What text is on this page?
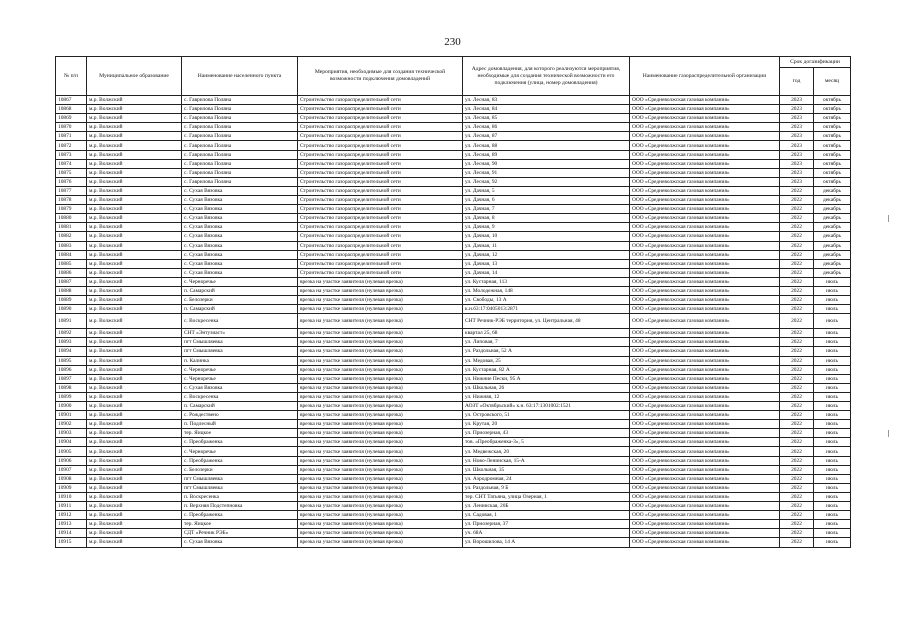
230
№ п/п	Муниципальное образование	Наименование населенного пункта	Мероприятия, необходимые для создания технической возможности подключения домовладений	Адрес домовладения, для которого реализуются мероприятия, необходимые для создания технической возможности его подключения (улица, номер домовладения)	Наименование газораспределительной организации	Срок догазификации	
						год	месяц
10867	м.р. Волжский	с. Гаврилова Поляна	Строительство газораспределительной сети	ул. Лесная, 83	ООО «Средневолжская газовая компания»	2023	октябрь
10868	м.р. Волжский	с. Гаврилова Поляна	Строительство газораспределительной сети	ул. Лесная, 84	ООО «Средневолжская газовая компания»	2023	октябрь
10869	м.р. Волжский	с. Гаврилова Поляна	Строительство газораспределительной сети	ул. Лесная, 85	ООО «Средневолжская газовая компания»	2023	октябрь
10870	м.р. Волжский	с. Гаврилова Поляна	Строительство газораспределительной сети	ул. Лесная, 86	ООО «Средневолжская газовая компания»	2023	октябрь
10871	м.р. Волжский	с. Гаврилова Поляна	Строительство газораспределительной сети	ул. Лесная, 87	ООО «Средневолжская газовая компания»	2023	октябрь
10872	м.р. Волжский	с. Гаврилова Поляна	Строительство газораспределительной сети	ул. Лесная, 88	ООО «Средневолжская газовая компания»	2023	октябрь
10873	м.р. Волжский	с. Гаврилова Поляна	Строительство газораспределительной сети	ул. Лесная, 89	ООО «Средневолжская газовая компания»	2023	октябрь
10874	м.р. Волжский	с. Гаврилова Поляна	Строительство газораспределительной сети	ул. Лесная, 90	ООО «Средневолжская газовая компания»	2023	октябрь
10875	м.р. Волжский	с. Гаврилова Поляна	Строительство газораспределительной сети	ул. Лесная, 91	ООО «Средневолжская газовая компания»	2023	октябрь
10876	м.р. Волжский	с. Гаврилова Поляна	Строительство газораспределительной сети	ул. Лесная, 92	ООО «Средневолжская газовая компания»	2023	октябрь
10877	м.р. Волжский	с. Сухая Вязовка	Строительство газораспределительной сети	ул. Дачная, 5	ООО «Средневолжская газовая компания»	2022	декабрь
10878	м.р. Волжский	с. Сухая Вязовка	Строительство газораспределительной сети	ул. Дачная, 6	ООО «Средневолжская газовая компания»	2022	декабрь
10879	м.р. Волжский	с. Сухая Вязовка	Строительство газораспределительной сети	ул. Дачная, 7	ООО «Средневолжская газовая компания»	2022	декабрь
10880	м.р. Волжский	с. Сухая Вязовка	Строительство газораспределительной сети	ул. Дачная, 8	ООО «Средневолжская газовая компания»	2022	декабрь
10881	м.р. Волжский	с. Сухая Вязовка	Строительство газораспределительной сети	ул. Дачная, 9	ООО «Средневолжская газовая компания»	2022	декабрь
10882	м.р. Волжский	с. Сухая Вязовка	Строительство газораспределительной сети	ул. Дачная, 10	ООО «Средневолжская газовая компания»	2022	декабрь
10883	м.р. Волжский	с. Сухая Вязовка	Строительство газораспределительной сети	ул. Дачная, 11	ООО «Средневолжская газовая компания»	2022	декабрь
10884	м.р. Волжский	с. Сухая Вязовка	Строительство газораспределительной сети	ул. Дачная, 12	ООО «Средневолжская газовая компания»	2022	декабрь
10885	м.р. Волжский	с. Сухая Вязовка	Строительство газораспределительной сети	ул. Дачная, 13	ООО «Средневолжская газовая компания»	2022	декабрь
10886	м.р. Волжский	с. Сухая Вязовка	Строительство газораспределительной сети	ул. Дачная, 14	ООО «Средневолжская газовая компания»	2022	декабрь
10887	м.р. Волжский	с. Черноречье	врезка на участке заявителя (нулевая врезка)	ул. Кустарная, 113	ООО «Средневолжская газовая компания»	2022	июль
10888	м.р. Волжский	п. Самарский	врезка на участке заявителя (нулевая врезка)	ул. Молодежная, 148	ООО «Средневолжская газовая компания»	2022	июль
10889	м.р. Волжский	с. Белозерки	врезка на участке заявителя (нулевая врезка)	ул. Свободы, 13 А	ООО «Средневолжская газовая компания»	2022	июль
10890	м.р. Волжский	п. Самарский	врезка на участке заявителя (нулевая врезка)	к.н.63:17:0405013:2871	ООО «Средневолжская газовая компания»	2022	июль
10891	м.р. Волжский	с. Воскресенка	врезка на участке заявителя (нулевая врезка)	СНТ Речник-РЭБ территория, ул. Центральная, 48	ООО «Средневолжская газовая компания»	2022	июль
10892	м.р. Волжский	СНТ «Энтузиаст»	врезка на участке заявителя (нулевая врезка)	квартал 25, 68	ООО «Средневолжская газовая компания»	2022	июль
10893	м.р. Волжский	пгт Смышляевка	врезка на участке заявителя (нулевая врезка)	ул. Липовая, 7	ООО «Средневолжская газовая компания»	2022	июль
10894	м.р. Волжский	пгт Смышляевка	врезка на участке заявителя (нулевая врезка)	ул. Раздольная, 52 А	ООО «Средневолжская газовая компания»	2022	июль
10895	м.р. Волжский	п. Калинка	врезка на участке заявителя (нулевая врезка)	ул. Медовая, 25	ООО «Средневолжская газовая компания»	2022	июль
10896	м.р. Волжский	с. Черноречье	врезка на участке заявителя (нулевая врезка)	ул. Кустарная, 82 А	ООО «Средневолжская газовая компания»	2022	июль
10897	м.р. Волжский	с. Черноречье	врезка на участке заявителя (нулевая врезка)	ул. Нижние Пески, 95 А	ООО «Средневолжская газовая компания»	2022	июль
10898	м.р. Волжский	с. Сухая Вязовка	врезка на участке заявителя (нулевая врезка)	ул. Школьная, 26	ООО «Средневолжская газовая компания»	2022	июль
10899	м.р. Волжский	с. Воскресенка	врезка на участке заявителя (нулевая врезка)	ул. Нижняя, 12	ООО «Средневолжская газовая компания»	2022	июль
10900	м.р. Волжский	п. Самарский	врезка на участке заявителя (нулевая врезка)	АОЗТ «Октябрьский» к.н. 63:17:1301002:1521	ООО «Средневолжская газовая компания»	2022	июль
10901	м.р. Волжский	с. Рождествено	врезка на участке заявителя (нулевая врезка)	ул. Островского, 51	ООО «Средневолжская газовая компания»	2022	июль
10902	м.р. Волжский	п. Подлесный	врезка на участке заявителя (нулевая врезка)	ул. Крутая, 20	ООО «Средневолжская газовая компания»	2022	июль
10903	м.р. Волжский	тер. Яицкое	врезка на участке заявителя (нулевая врезка)	ул. Приозерная, 43	ООО «Средневолжская газовая компания»	2022	июль
10904	м.р. Волжский	с. Преображенка	врезка на участке заявителя (нулевая врезка)	тов. «Преображенка-3», 5	ООО «Средневолжская газовая компания»	2022	июль
10905	м.р. Волжский	с. Черноречье	врезка на участке заявителя (нулевая врезка)	ул. Медвежская, 20	ООО «Средневолжская газовая компания»	2022	июль
10906	м.р. Волжский	с. Преображенка	врезка на участке заявителя (нулевая врезка)	ул. Ново-Ленинская, 15-А	ООО «Средневолжская газовая компания»	2022	июль
10907	м.р. Волжский	с. Белозерки	врезка на участке заявителя (нулевая врезка)	ул. Школьная, 35	ООО «Средневолжская газовая компания»	2022	июль
10908	м.р. Волжский	пгт Смышляевка	врезка на участке заявителя (нулевая врезка)	ул. Аэродромная, 24	ООО «Средневолжская газовая компания»	2022	июль
10909	м.р. Волжский	пгт Смышляевка	врезка на участке заявителя (нулевая врезка)	ул. Раздольная, 9 Б	ООО «Средневолжская газовая компания»	2022	июль
10910	м.р. Волжский	п. Воскресенка	врезка на участке заявителя (нулевая врезка)	тер. СНТ Татьяна, улица Озерная, 1	ООО «Средневолжская газовая компания»	2022	июль
10911	м.р. Волжский	п. Верхняя Подстепновка	врезка на участке заявителя (нулевая врезка)	ул. Ленинская, 20Б	ООО «Средневолжская газовая компания»	2022	июль
10912	м.р. Волжский	с. Преображенка	врезка на участке заявителя (нулевая врезка)	ул. Садовая, 1	ООО «Средневолжская газовая компания»	2022	июль
10913	м.р. Волжский	тер. Яицкое	врезка на участке заявителя (нулевая врезка)	ул. Приозерная, 37	ООО «Средневолжская газовая компания»	2022	июль
10914	м.р. Волжский	СДТ «Речник РЭБ»	врезка на участке заявителя (нулевая врезка)	уч. 68А	ООО «Средневолжская газовая компания»	2022	июль
10915	м.р. Волжский	с. Сухая Вязовка	врезка на участке заявителя (нулевая врезка)	ул. Ворошилова, 14 А	ООО «Средневолжская газовая компания»	2022	июль
